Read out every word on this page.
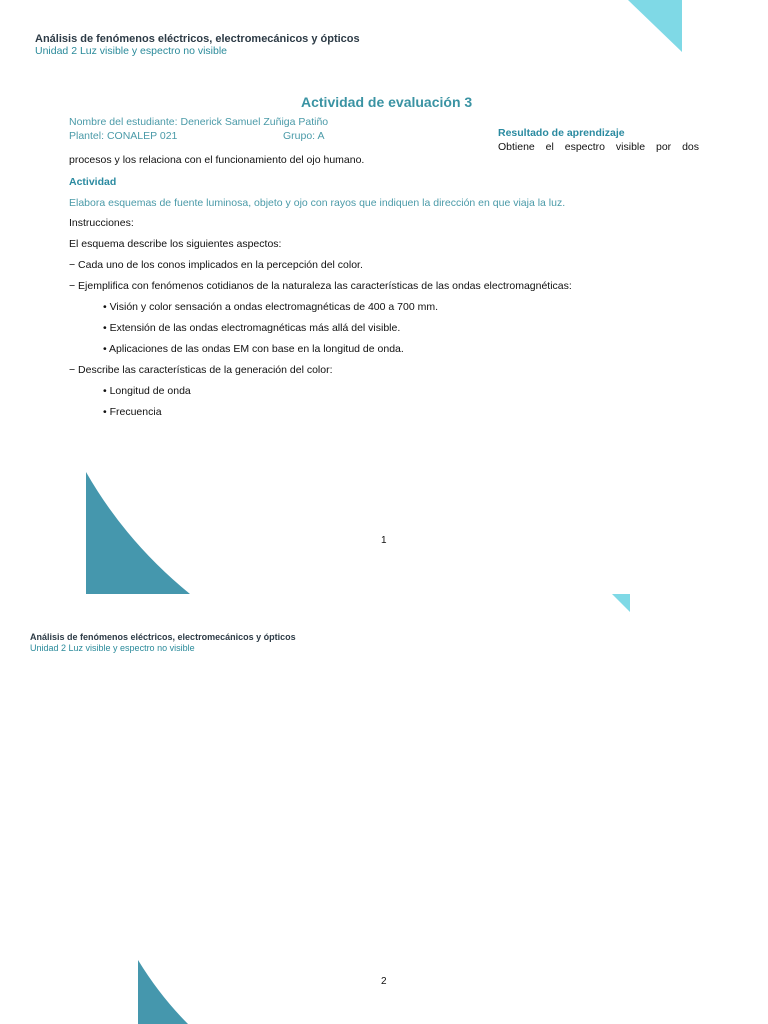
Análisis de fenómenos eléctricos, electromecánicos y ópticos
Unidad 2 Luz visible y espectro no visible
Actividad de evaluación 3
Nombre del estudiante: Denerick Samuel Zuñiga Patiño
Plantel: CONALEP 021	Grupo: A	Resultado de aprendizaje
Obtiene el espectro visible por dos
procesos y los relaciona con el funcionamiento del ojo humano.
Actividad
Elabora esquemas de fuente luminosa, objeto y ojo con rayos que indiquen la dirección en que viaja la luz.
Instrucciones:
El esquema describe los siguientes aspectos:
− Cada uno de los conos implicados en la percepción del color.
− Ejemplifica con fenómenos cotidianos de la naturaleza las características de las ondas electromagnéticas:
• Visión y color sensación a ondas electromagnéticas de 400 a 700 mm.
• Extensión de las ondas electromagnéticas más allá del visible.
• Aplicaciones de las ondas EM con base en la longitud de onda.
− Describe las características de la generación del color:
• Longitud de onda
• Frecuencia
1
Análisis de fenómenos eléctricos, electromecánicos y ópticos
Unidad 2 Luz visible y espectro no visible
2
